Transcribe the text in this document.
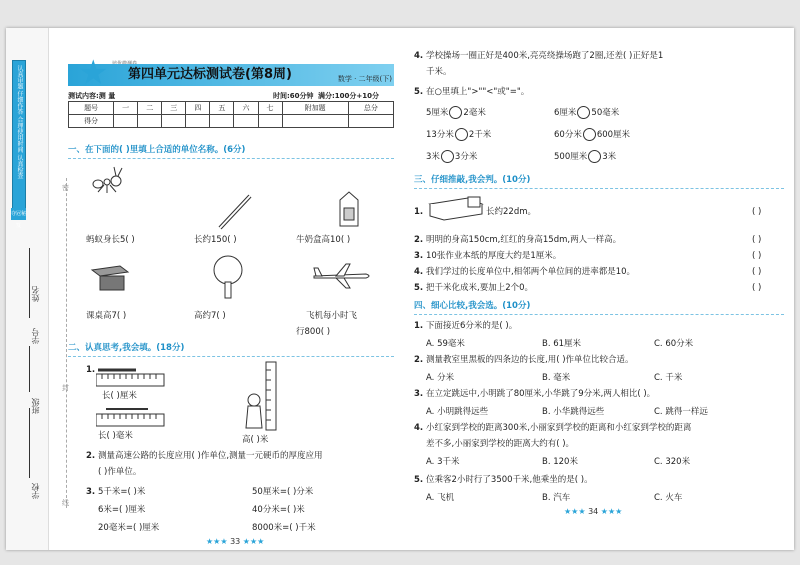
认真审题 仔细作答 合理使用时间 认真检查
夺冠秘笈
学校
班级
学号
姓名
密
封
线
★ 第四单元达标测试卷(第8周)	数学 · 二年级(下)
测试内容:测 量	时间:60分钟 满分:100分+10分
题号	一	二	三	四	五	六	七	附加题	总分
得分									
一、在下面的( )里填上合适的单位名称。(6分)
蚂蚁身长5( )	长约150( )	牛奶盒高10( )
课桌高7( )	高约7( )	飞机每小时飞
行800( )
二、认真思考,我会填。(18分)
1.
长( )厘米
长( )毫米	高( )米
2. 测量高速公路的长度应用( )作单位,测量一元硬币的厚度应用
( )作单位。
3. 5千米=( )米
6米=( )厘米
20毫米=( )厘米
50厘米=( )分米
40分米=( )米
8000米=( )千米
★★★ 33 ★★★
4. 学校操场一圈正好是400米,亮亮绕操场跑了2圈,还差( )正好是1
千米。
5. 在○里填上">""<"或"="。
5厘米 2毫米	6厘米 50毫米
13分米 2千米	60分米 600厘米
3米 3分米	500厘米 3米
三、仔细推敲,我会判。(10分)
1.	长约22dm。	( )
2. 明明的身高150cm,红红的身高15dm,两人一样高。	( )
3. 10张作业本纸的厚度大约是1厘米。	( )
4. 我们学过的长度单位中,相邻两个单位间的进率都是10。	( )
5. 把千米化成米,要加上2个0。	( )
四、细心比较,我会选。(10分)
1. 下面接近6分米的是( )。
A. 59毫米	B. 61厘米	C. 60分米
2. 测量教室里黑板的四条边的长度,用( )作单位比较合适。
A. 分米	B. 毫米	C. 千米
3. 在立定跳远中,小明跳了80厘米,小华跳了9分米,两人相比( )。
A. 小明跳得远些	B. 小华跳得远些	C. 跳得一样远
4. 小红家到学校的距离300米,小丽家到学校的距离和小红家到学校的距离
差不多,小丽家到学校的距离大约有( )。
A. 3千米	B. 120米	C. 320米
5. 位乘客2小时行了3500千米,他乘坐的是( )。
A. 飞机	B. 汽车	C. 火车
★★★ 34 ★★★
